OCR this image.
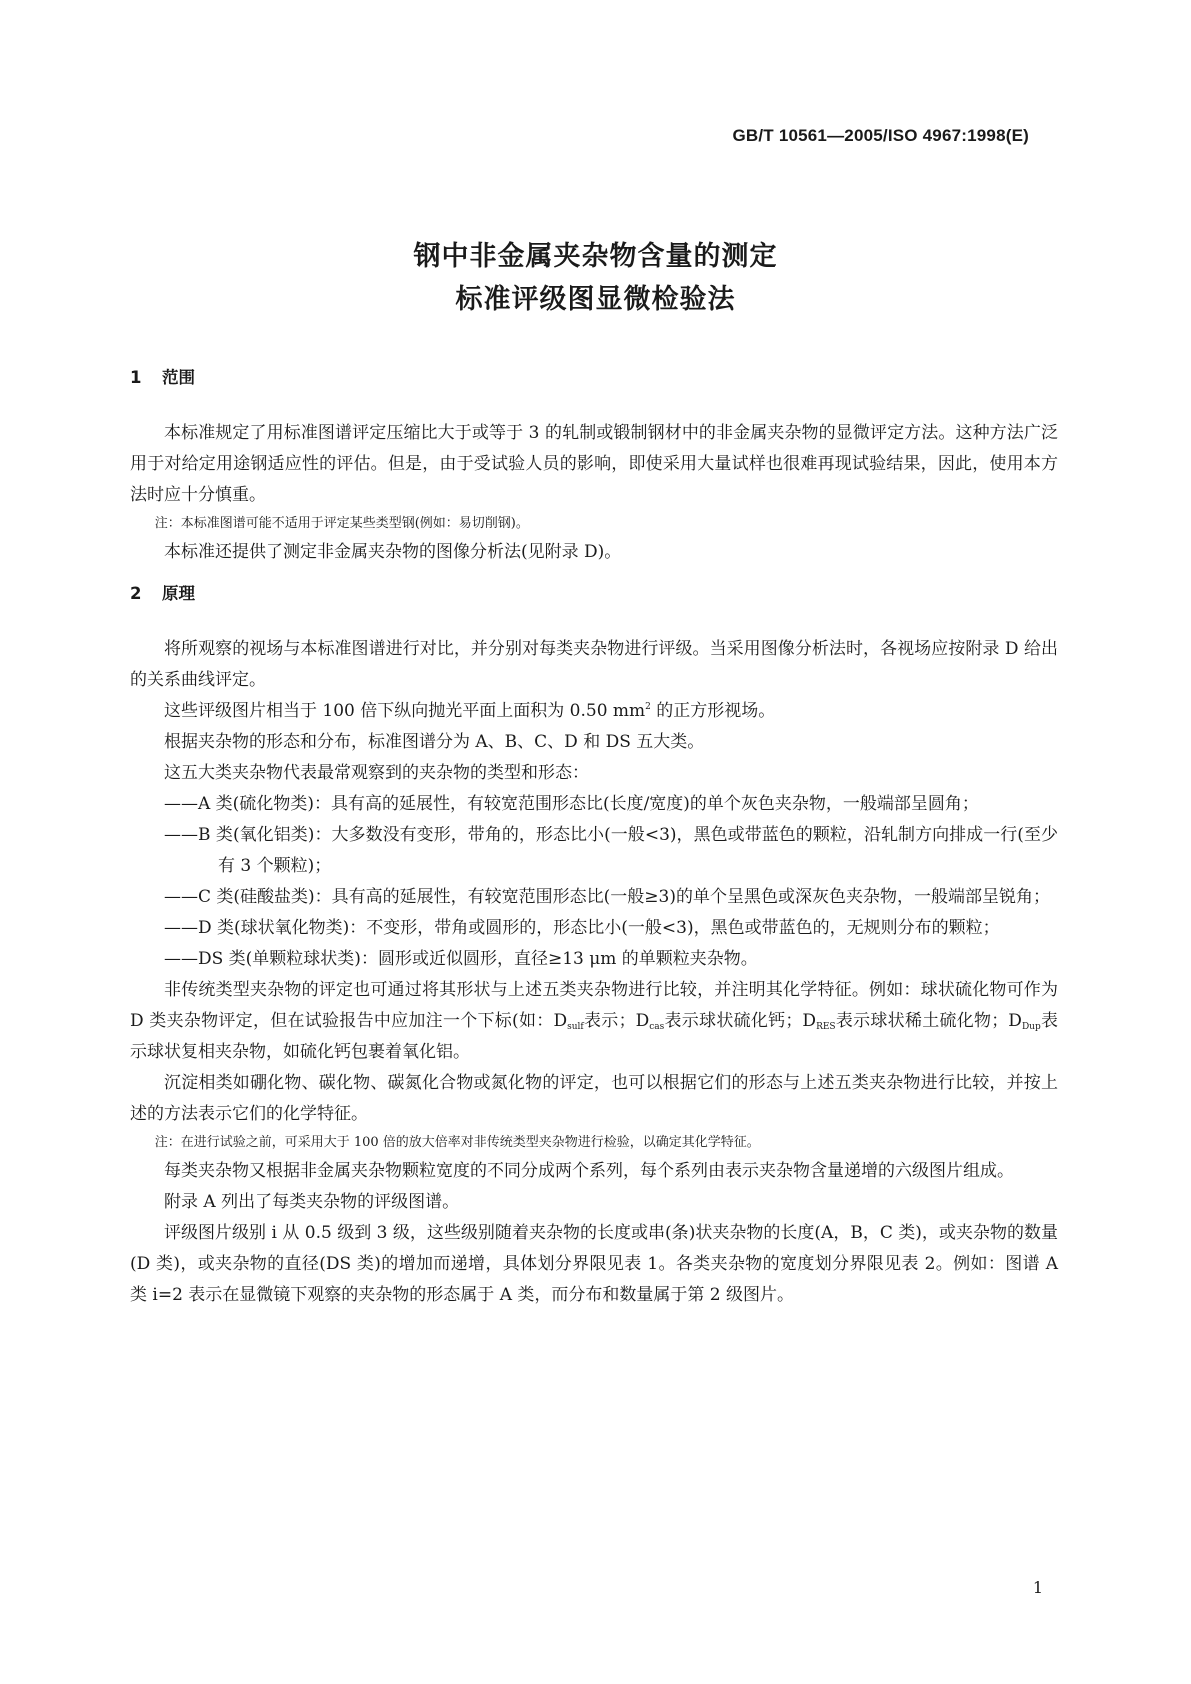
GB/T 10561—2005/ISO 4967:1998(E)
钢中非金属夹杂物含量的测定
标准评级图显微检验法
1 范围

本标准规定了用标准图谱评定压缩比大于或等于 3 的轧制或锻制钢材中的非金属夹杂物的显微评定方法。这种方法广泛用于对给定用途钢适应性的评估。但是，由于受试验人员的影响，即使采用大量试样也很难再现试验结果，因此，使用本方法时应十分慎重。

注：本标准图谱可能不适用于评定某些类型钢(例如：易切削钢)。

本标准还提供了测定非金属夹杂物的图像分析法(见附录 D)。

2 原理

将所观察的视场与本标准图谱进行对比，并分别对每类夹杂物进行评级。当采用图像分析法时，各视场应按附录 D 给出的关系曲线评定。

这些评级图片相当于 100 倍下纵向抛光平面上面积为 0.50 $mm^2$ 的正方形视场。

根据夹杂物的形态和分布，标准图谱分为 A、B、C、D 和 DS 五大类。

这五大类夹杂物代表最常观察到的夹杂物的类型和形态：

——A 类(硫化物类)：具有高的延展性，有较宽范围形态比(长度/宽度)的单个灰色夹杂物，一般端部呈圆角；

——B 类(氧化铝类)：大多数没有变形，带角的，形态比小(一般<3)，黑色或带蓝色的颗粒，沿轧制方向排成一行(至少有 3 个颗粒)；

——C 类(硅酸盐类)：具有高的延展性，有较宽范围形态比(一般≥3)的单个呈黑色或深灰色夹杂物，一般端部呈锐角；

——D 类(球状氧化物类)：不变形，带角或圆形的，形态比小(一般<3)，黑色或带蓝色的，无规则分布的颗粒；

——DS 类(单颗粒球状类)：圆形或近似圆形，直径≥13 μm 的单颗粒夹杂物。

非传统类型夹杂物的评定也可通过将其形状与上述五类夹杂物进行比较，并注明其化学特征。例如：球状硫化物可作为 D 类夹杂物评定，但在试验报告中应加注一个下标(如：$D_{sulf}$表示；$D_{cas}$表示球状硫化钙；$D_{RES}$表示球状稀土硫化物；$D_{Dup}$表示球状复相夹杂物，如硫化钙包裹着氧化铝。

沉淀相类如硼化物、碳化物、碳氮化合物或氮化物的评定，也可以根据它们的形态与上述五类夹杂物进行比较，并按上述的方法表示它们的化学特征。

注：在进行试验之前，可采用大于 100 倍的放大倍率对非传统类型夹杂物进行检验，以确定其化学特征。

每类夹杂物又根据非金属夹杂物颗粒宽度的不同分成两个系列，每个系列由表示夹杂物含量递增的六级图片组成。

附录 A 列出了每类夹杂物的评级图谱。

评级图片级别 i 从 0.5 级到 3 级，这些级别随着夹杂物的长度或串(条)状夹杂物的长度(A，B，C 类)，或夹杂物的数量(D 类)，或夹杂物的直径(DS 类)的增加而递增，具体划分界限见表 1。各类夹杂物的宽度划分界限见表 2。例如：图谱 A 类 i=2 表示在显微镜下观察的夹杂物的形态属于 A 类，而分布和数量属于第 2 级图片。

1
